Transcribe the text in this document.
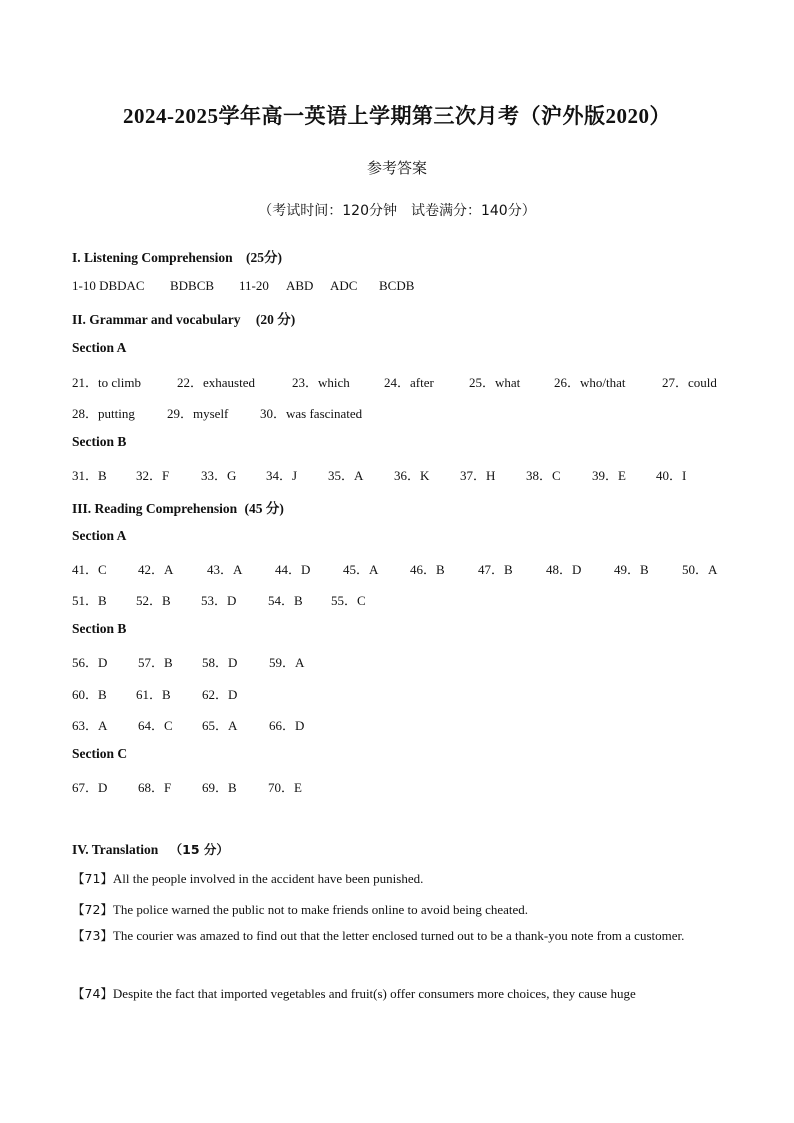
2024-2025学年高一英语上学期第三次月考（沪外版2020）
参考答案
（考试时间：120分钟　试卷满分：140分）
I. Listening Comprehension (25分)
1-10 DBDAC BDBCB 11-20 ABD ADC BCDB
II. Grammar and vocabulary (20 分)
Section A
21．to climb	22．exhausted	23．which	24．after	25．what	26．who/that	27．could
28．putting 29．myself 30．was fascinated
Section B
31．B 32．F 33．G 34．J 35．A 36．K 37．H 38．C 39．E 40．I
III. Reading Comprehension (45 分)
Section A
41．C 42．A	43．A	44．D	45．A 46．B	47．B	48．D	49．B	50．A
51．B 52．B 53．D 54．B 55．C
Section B
56．D 57．B 58．D 59．A
60．B 61．B 62．D
63．A 64．C 65．A 66．D
Section C
67．D 68．F 69．B 70．E
IV. Translation （15 分）
【71】All the people involved in the accident have been punished.
【72】The police warned the public not to make friends online to avoid being cheated.
【73】The courier was amazed to find out that the letter enclosed turned out to be a thank-you note from a customer.
【74】Despite the fact that imported vegetables and fruit(s) offer consumers more choices, they cause huge
